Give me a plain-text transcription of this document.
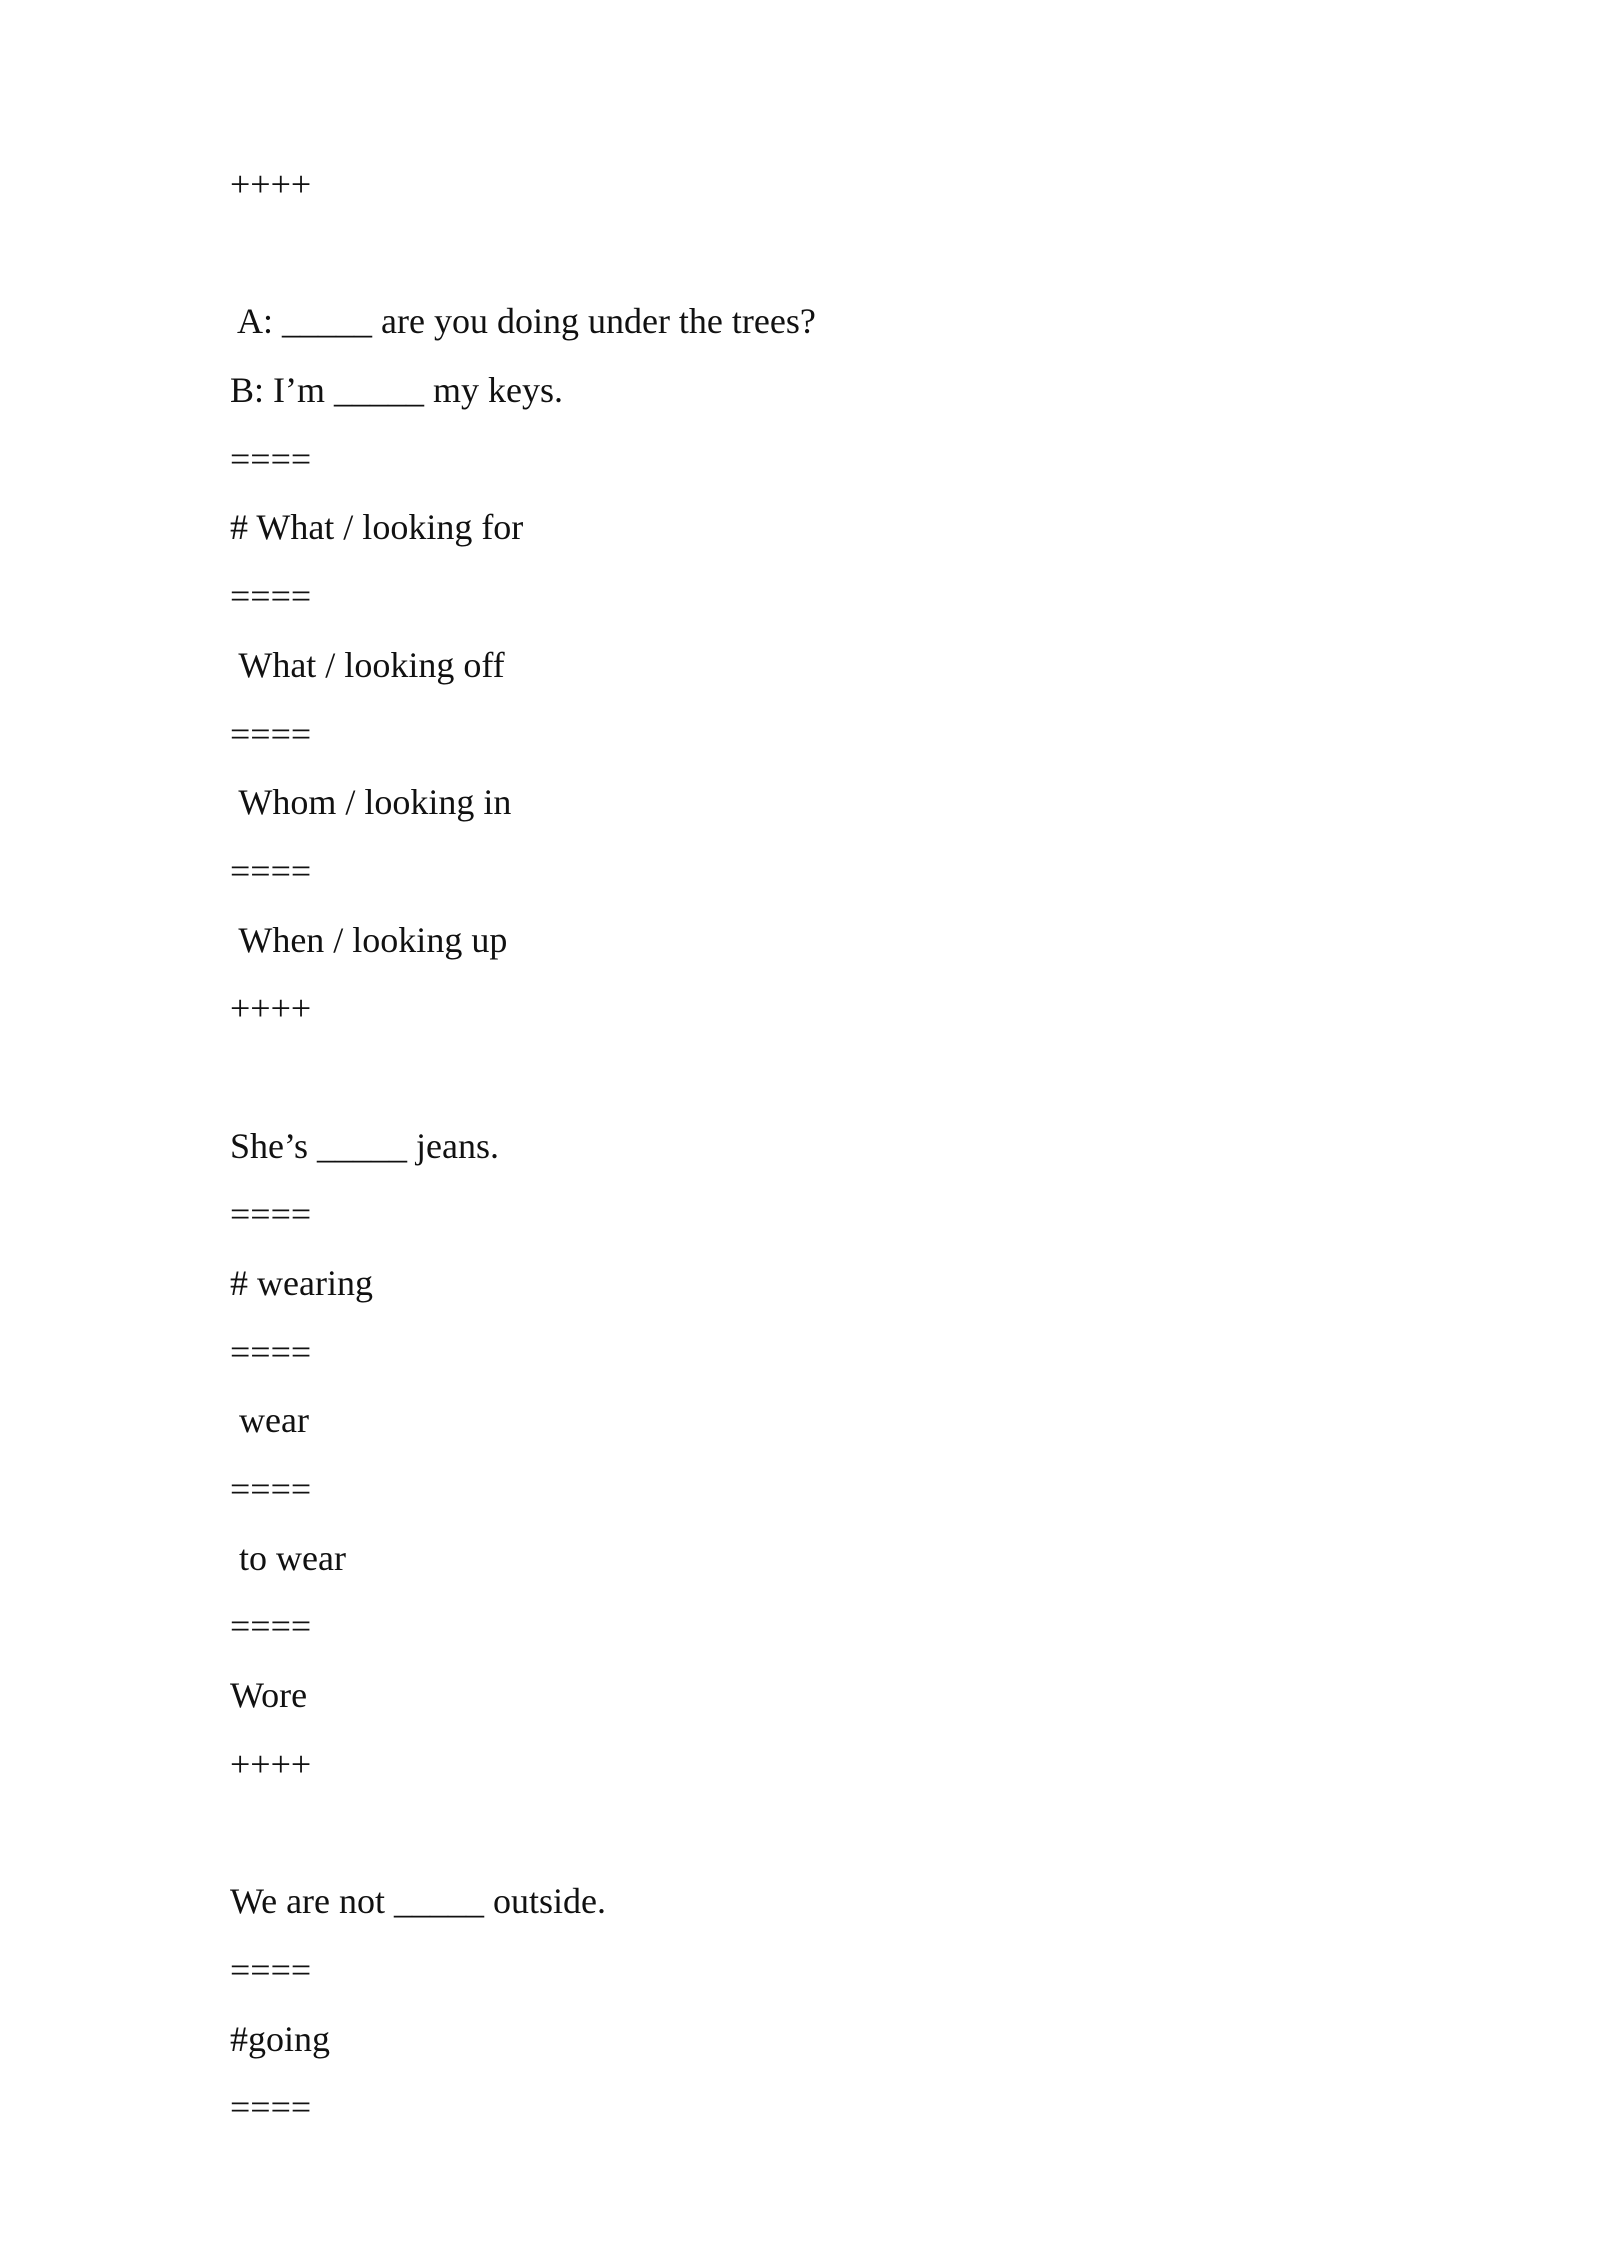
++++
A: _____ are you doing under the trees?
B: I’m _____ my keys.
====
# What / looking for
====
What / looking off
====
Whom / looking in
====
When / looking up
++++
She’s _____ jeans.
====
# wearing
====
wear
====
to wear
====
Wore
++++
We are not _____ outside.
====
#going
====
